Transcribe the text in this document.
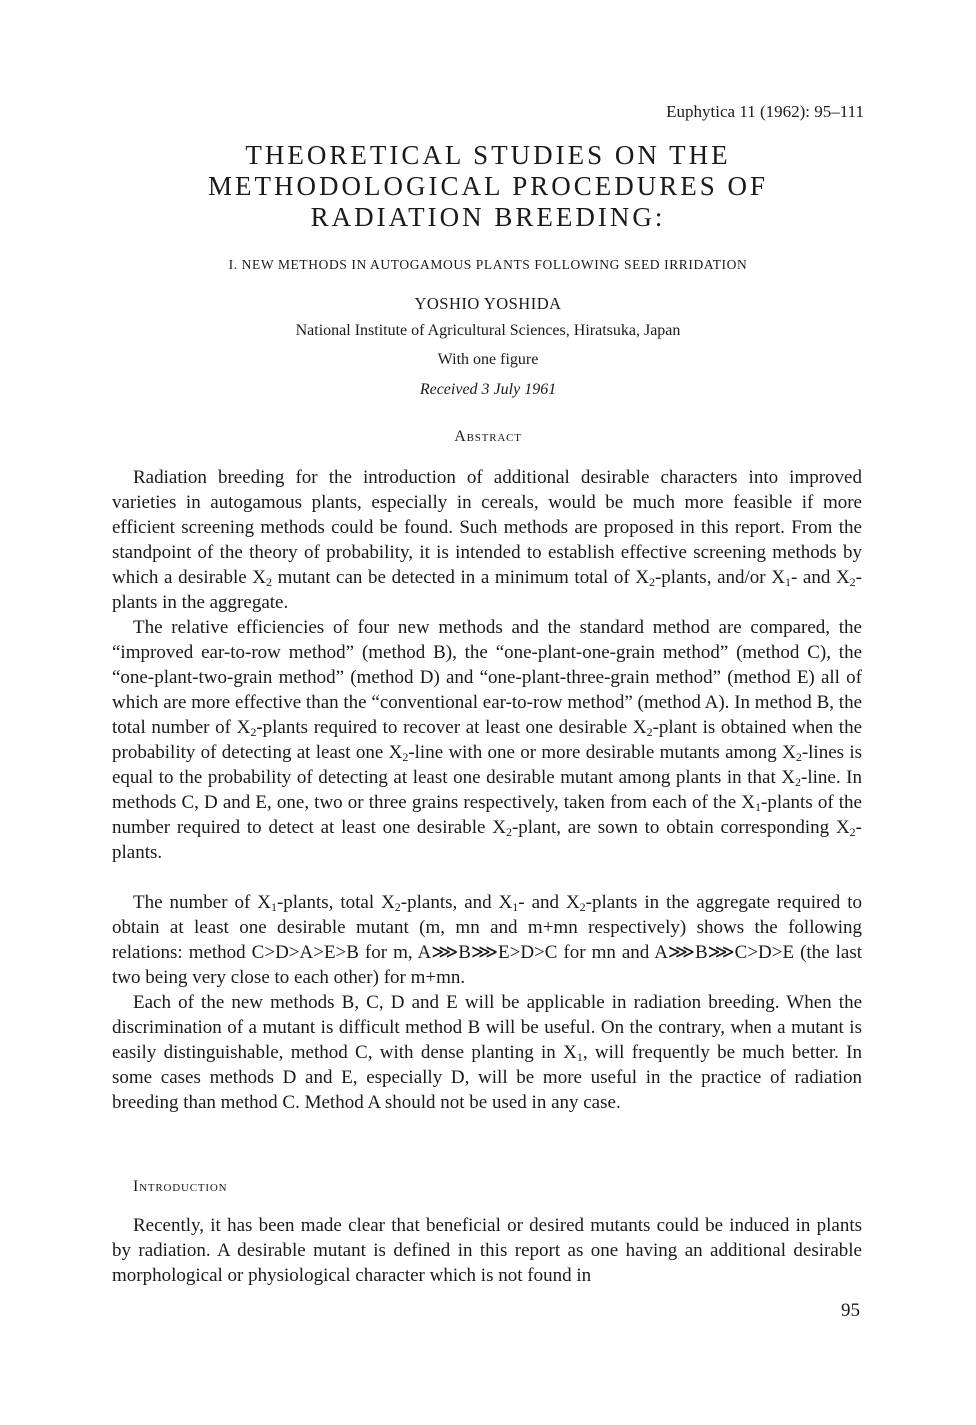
Euphytica 11 (1962): 95–111
THEORETICAL STUDIES ON THE
METHODOLOGICAL PROCEDURES OF
RADIATION BREEDING:
I. NEW METHODS IN AUTOGAMOUS PLANTS FOLLOWING SEED IRRIDATION
YOSHIO YOSHIDA
National Institute of Agricultural Sciences, Hiratsuka, Japan
With one figure
Received 3 July 1961
Abstract

Radiation breeding for the introduction of additional desirable characters into improved varieties in autogamous plants, especially in cereals, would be much more feasible if more efficient screening methods could be found. Such methods are proposed in this report. From the standpoint of the theory of probability, it is intended to establish effective screening methods by which a desirable $X_2$ mutant can be detected in a minimum total of $X_2$-plants, and/or $X_1-$ and $X_2$-plants in the aggregate.

The relative efficiencies of four new methods and the standard method are compared, the “improved ear-to-row method” (method B), the “one-plant-one-grain method” (method C), the “one-plant-two-grain method” (method D) and “one-plant-three-grain method” (method E) all of which are more effective than the “conventional ear-to-row method” (method A). In method B, the total number of $X_2$-plants required to recover at least one desirable $X_2$-plant is obtained when the probability of detecting at least one $X_2$-line with one or more desirable mutants among $X_2$-lines is equal to the probability of detecting at least one desirable mutant among plants in that $X_2$-line. In methods C, D and E, one, two or three grains respectively, taken from each of the $X_1$-plants of the number required to detect at least one desirable $X_2$-plant, are sown to obtain corresponding $X_2$-plants.

The number of $X_1$-plants, total $X_2$-plants, and $X_1-$ and $X_2$-plants in the aggregate required to obtain at least one desirable mutant (m, mn and m+mn respectively) shows the following relations: method C>D>A>E>B for m, A⋙B⋙E>D>C for mn and A⋙B⋙C>D>E (the last two being very close to each other) for m+mn.

Each of the new methods B, C, D and E will be applicable in radiation breeding. When the discrimination of a mutant is difficult method B will be useful. On the contrary, when a mutant is easily distinguishable, method C, with dense planting in $X_1$, will frequently be much better. In some cases methods D and E, especially D, will be more useful in the practice of radiation breeding than method C. Method A should not be used in any case.

Introduction

Recently, it has been made clear that beneficial or desired mutants could be induced in plants by radiation. A desirable mutant is defined in this report as one having an additional desirable morphological or physiological character which is not found in

95
